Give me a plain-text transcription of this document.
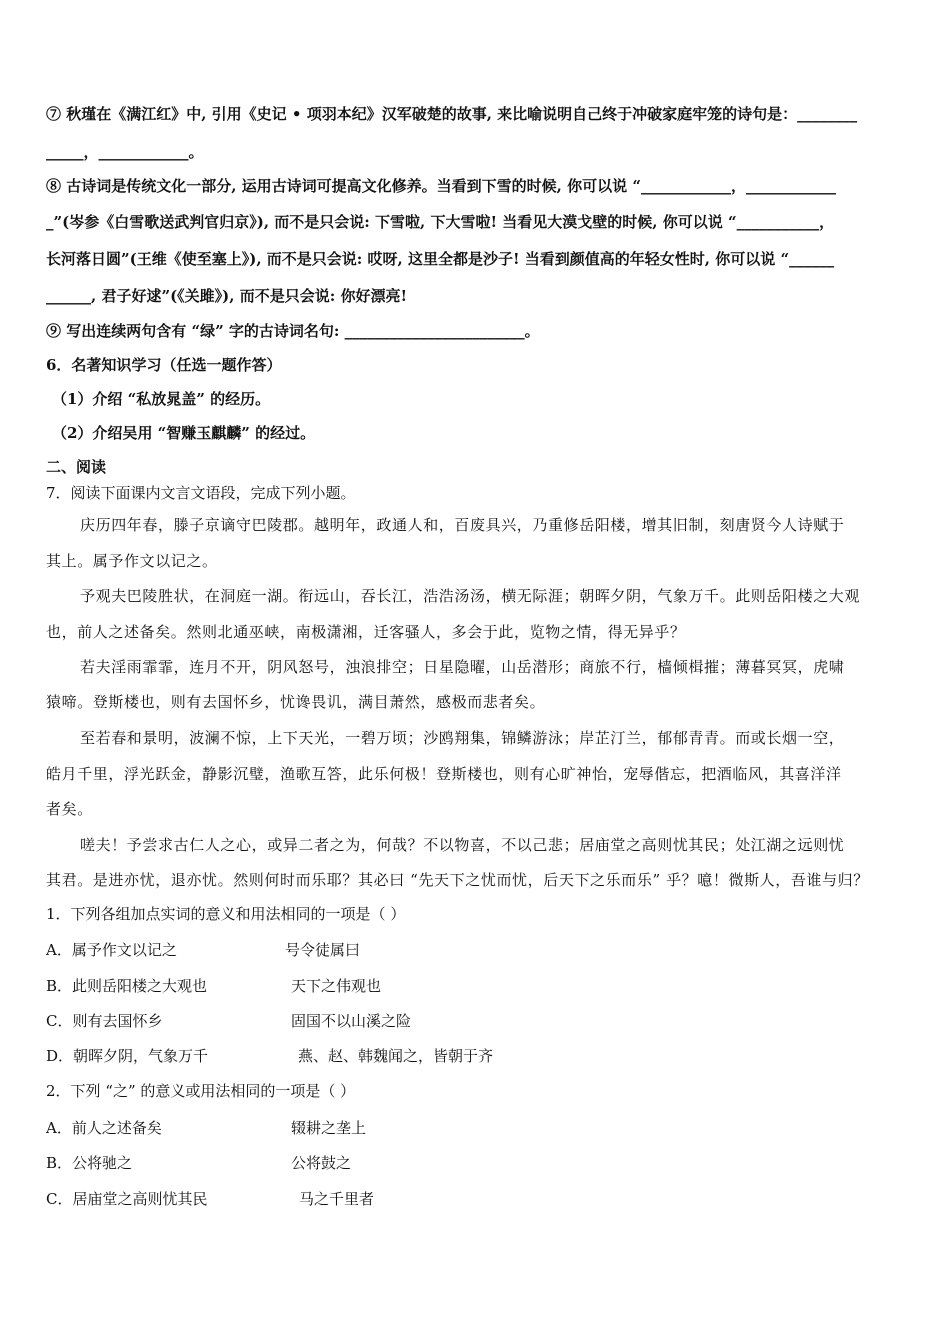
⑦ 秋瑾在《满江红》中, 引用《史记 • 项羽本纪》汉军破楚的故事, 来比喻说明自己终于冲破家庭牢笼的诗句是：________
_____，____________。
⑧ 古诗词是传统文化一部分, 运用古诗词可提高文化修养。当看到下雪的时候, 你可以说 “____________，____________
_”(岑参《白雪歌送武判官归京》), 而不是只会说: 下雪啦, 下大雪啦! 当看见大漠戈壁的时候, 你可以说 “___________，
长河落日圆”(王维《使至塞上》), 而不是只会说: 哎呀, 这里全都是沙子! 当看到颜值高的年轻女性时, 你可以说 “______
______, 君子好逑”(《关雎》), 而不是只会说: 你好漂亮!
⑨ 写出连续两句含有 “绿” 字的古诗词名句: ________________________。
6．名著知识学习（任选一题作答）
（1）介绍 “私放晁盖” 的经历。
（2）介绍吴用 “智赚玉麒麟” 的经过。
二、阅读
7．阅读下面课内文言文语段，完成下列小题。
庆历四年春，滕子京谪守巴陵郡。越明年，政通人和，百废具兴，乃重修岳阳楼，增其旧制，刻唐贤今人诗赋于
其上。属予作文以记之。
予观夫巴陵胜状，在洞庭一湖。衔远山，吞长江，浩浩汤汤，横无际涯；朝晖夕阴，气象万千。此则岳阳楼之大观
也，前人之述备矣。然则北通巫峡，南极潇湘，迁客骚人，多会于此，览物之情，得无异乎？
若夫淫雨霏霏，连月不开，阴风怒号，浊浪排空；日星隐曜，山岳潜形；商旅不行，樯倾楫摧；薄暮冥冥，虎啸
猿啼。登斯楼也，则有去国怀乡，忧谗畏讥，满目萧然，感极而悲者矣。
至若春和景明，波澜不惊，上下天光，一碧万顷；沙鸥翔集，锦鳞游泳；岸芷汀兰，郁郁青青。而或长烟一空，
皓月千里，浮光跃金，静影沉璧，渔歌互答，此乐何极！登斯楼也，则有心旷神怡，宠辱偕忘，把酒临风，其喜洋洋
者矣。
嗟夫！予尝求古仁人之心，或异二者之为，何哉？不以物喜，不以己悲；居庙堂之高则忧其民；处江湖之远则忧
其君。是进亦忧，退亦忧。然则何时而乐耶？其必曰 “先天下之忧而忧，后天下之乐而乐” 乎？噫！微斯人，吾谁与归？
1．下列各组加点实词的意义和用法相同的一项是（ ）
A．属予作文以记之	号令徒属曰
B．此则岳阳楼之大观也	天下之伟观也
C．则有去国怀乡	固国不以山溪之险
D．朝晖夕阴，气象万千	燕、赵、韩魏闻之，皆朝于齐
2．下列 “之” 的意义或用法相同的一项是（ ）
A．前人之述备矣	辍耕之垄上
B．公将驰之	公将鼓之
C．居庙堂之高则忧其民	马之千里者
